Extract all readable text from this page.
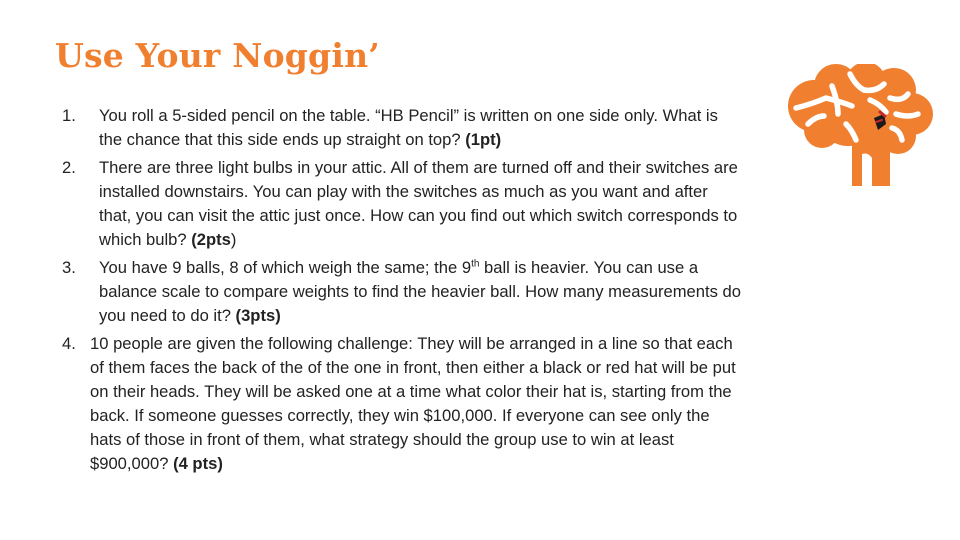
Use Your Noggin’
1. You roll a 5-sided pencil on the table. “HB Pencil” is written on one side only. What is the chance that this side ends up straight on top? (1pt)
2. There are three light bulbs in your attic. All of them are turned off and their switches are installed downstairs. You can play with the switches as much as you want and after that, you can visit the attic just once. How can you find out which switch corresponds to which bulb? (2pts)
3. You have 9 balls, 8 of which weigh the same; the 9th ball is heavier. You can use a balance scale to compare weights to find the heavier ball. How many measurements do you need to do it? (3pts)
4. 10 people are given the following challenge: They will be arranged in a line so that each of them faces the back of the of the one in front, then either a black or red hat will be put on their heads. They will be asked one at a time what color their hat is, starting from the back. If someone guesses correctly, they win $100,000. If everyone can see only the hats of those in front of them, what strategy should the group use to win at least $900,000? (4 pts)
